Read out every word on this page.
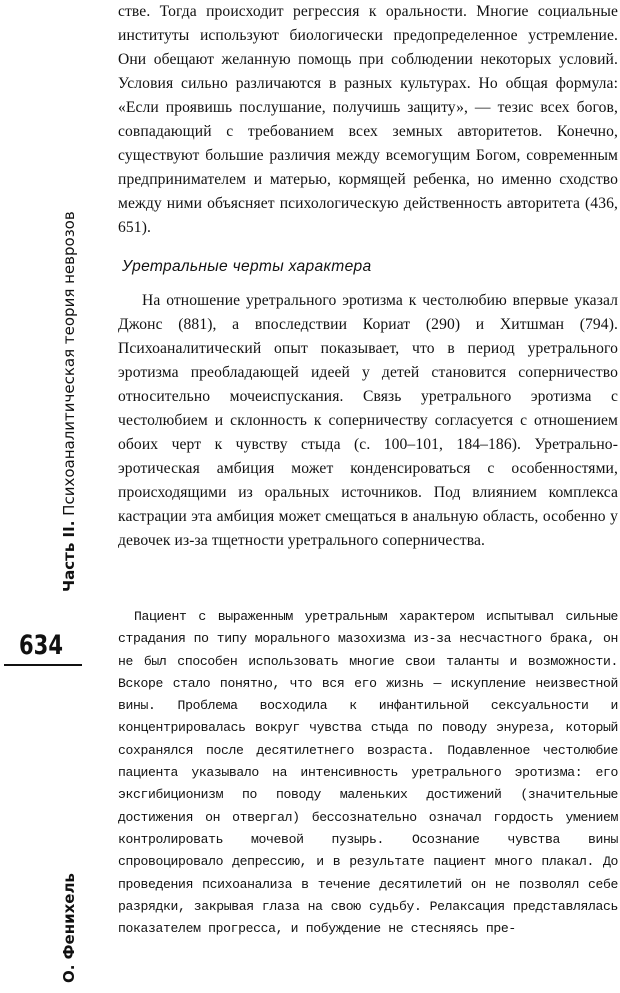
Часть II. Психоаналитическая теория неврозов
634
О. Фенихель

стве. Тогда происходит регрессия к оральности. Многие социальные институты используют биологически предопределенное устремление. Они обещают желанную помощь при соблюдении некоторых условий. Условия сильно различаются в разных культурах. Но общая формула: «Если проявишь послушание, получишь защиту», — тезис всех богов, совпадающий с требованием всех земных авторитетов. Конечно, существуют большие различия между всемогущим Богом, современным предпринимателем и матерью, кормящей ребенка, но именно сходство между ними объясняет психологическую действенность авторитета (436, 651).

Уретральные черты характера

На отношение уретрального эротизма к честолюбию впервые указал Джонс (881), а впоследствии Кориат (290) и Хитшман (794). Психоаналитический опыт показывает, что в период уретрального эротизма преобладающей идеей у детей становится соперничество относительно мочеиспускания. Связь уретрального эротизма с честолюбием и склонность к соперничеству согласуется с отношением обоих черт к чувству стыда (с. 100–101, 184–186). Уретрально-эротическая амбиция может конденсироваться с особенностями, происходящими из оральных источников. Под влиянием комплекса кастрации эта амбиция может смещаться в анальную область, особенно у девочек из-за тщетности уретрального соперничества.

Пациент с выраженным уретральным характером испытывал сильные страдания по типу морального мазохизма из-за несчастного брака, он не был способен использовать многие свои таланты и возможности. Вскоре стало понятно, что вся его жизнь — искупление неизвестной вины. Проблема восходила к инфантильной сексуальности и концентрировалась вокруг чувства стыда по поводу энуреза, который сохранялся после десятилетнего возраста. Подавленное честолюбие пациента указывало на интенсивность уретрального эротизма: его эксгибиционизм по поводу маленьких достижений (значительные достижения он отвергал) бессознательно означал гордость умением контролировать мочевой пузырь. Осознание чувства вины спровоцировало депрессию, и в результате пациент много плакал. До проведения психоанализа в течение десятилетий он не позволял себе разрядки, закрывая глаза на свою судьбу. Релаксация представлялась показателем прогресса, и побуждение не стесняясь пре-
